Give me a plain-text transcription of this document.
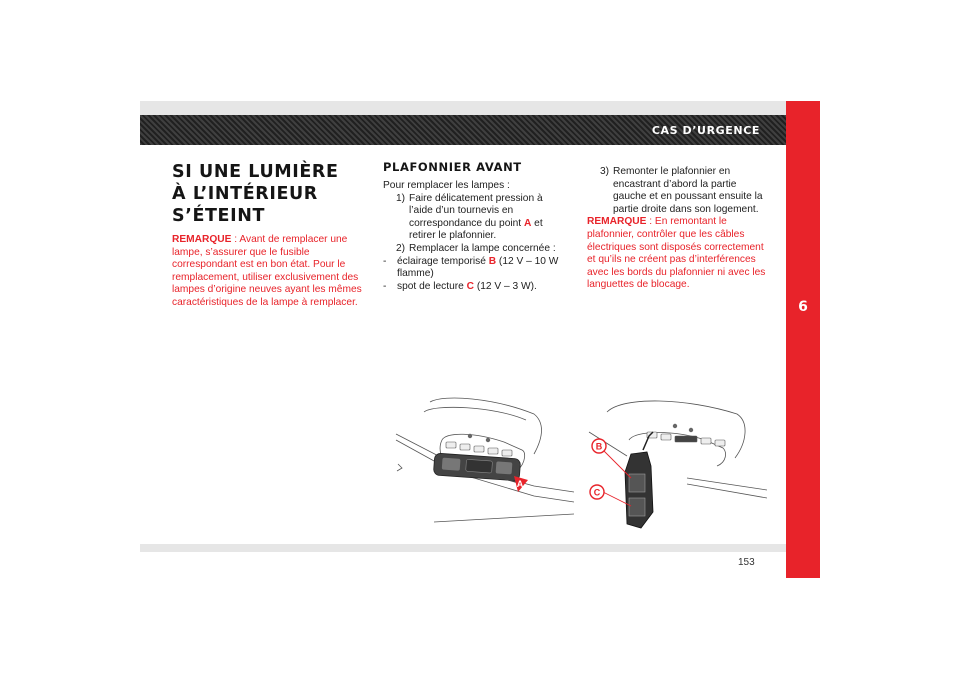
CAS D’URGENCE
6
SI UNE LUMIÈRE
À L’INTÉRIEUR
S’ÉTEINT
REMARQUE : Avant de remplacer une lampe, s’assurer que le fusible correspondant est en bon état. Pour le remplacement, utiliser exclusivement des lampes d’origine neuves ayant les mêmes caractéristiques de la lampe à remplacer.
PLAFONNIER AVANT
Pour remplacer les lampes :
1) Faire délicatement pression à l’aide d’un tournevis en correspondance du point A et retirer le plafonnier.
2) Remplacer la lampe concernée :
-	éclairage temporisé B (12 V – 10 W flamme)
-	spot de lecture C (12 V – 3 W).
3) Remonter le plafonnier en encastrant d’abord la partie gauche et en poussant ensuite la partie droite dans son logement.
REMARQUE : En remontant le plafonnier, contrôler que les câbles électriques sont disposés correctement et qu’ils ne créent pas d’interférences avec les bords du plafonnier ni avec les languettes de blocage.
A
B
C
153
